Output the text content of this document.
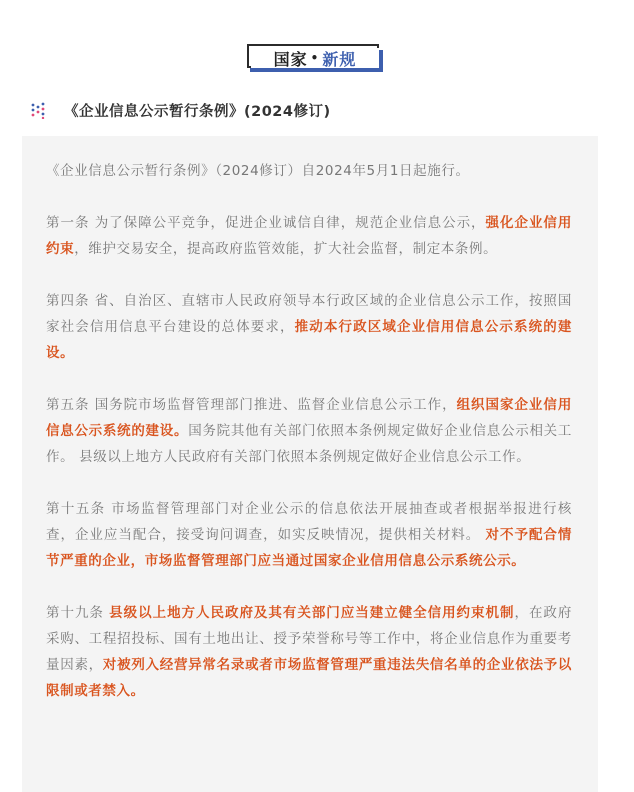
国家 • 新规
《企业信息公示暂行条例》(2024修订)

《企业信息公示暂行条例》（2024修订）自2024年5月1日起施行。

第一条 为了保障公平竞争，促进企业诚信自律，规范企业信息公示，强化企业信用约束，维护交易安全，提高政府监管效能，扩大社会监督，制定本条例。

第四条 省、自治区、直辖市人民政府领导本行政区域的企业信息公示工作，按照国家社会信用信息平台建设的总体要求，推动本行政区域企业信用信息公示系统的建设。

第五条 国务院市场监督管理部门推进、监督企业信息公示工作，组织国家企业信用信息公示系统的建设。国务院其他有关部门依照本条例规定做好企业信息公示相关工作。 县级以上地方人民政府有关部门依照本条例规定做好企业信息公示工作。

第十五条 市场监督管理部门对企业公示的信息依法开展抽查或者根据举报进行核查，企业应当配合，接受询问调查，如实反映情况，提供相关材料。 对不予配合情节严重的企业，市场监督管理部门应当通过国家企业信用信息公示系统公示。

第十九条 县级以上地方人民政府及其有关部门应当建立健全信用约束机制，在政府采购、工程招投标、国有土地出让、授予荣誉称号等工作中，将企业信息作为重要考量因素，对被列入经营异常名录或者市场监督管理严重违法失信名单的企业依法予以限制或者禁入。
